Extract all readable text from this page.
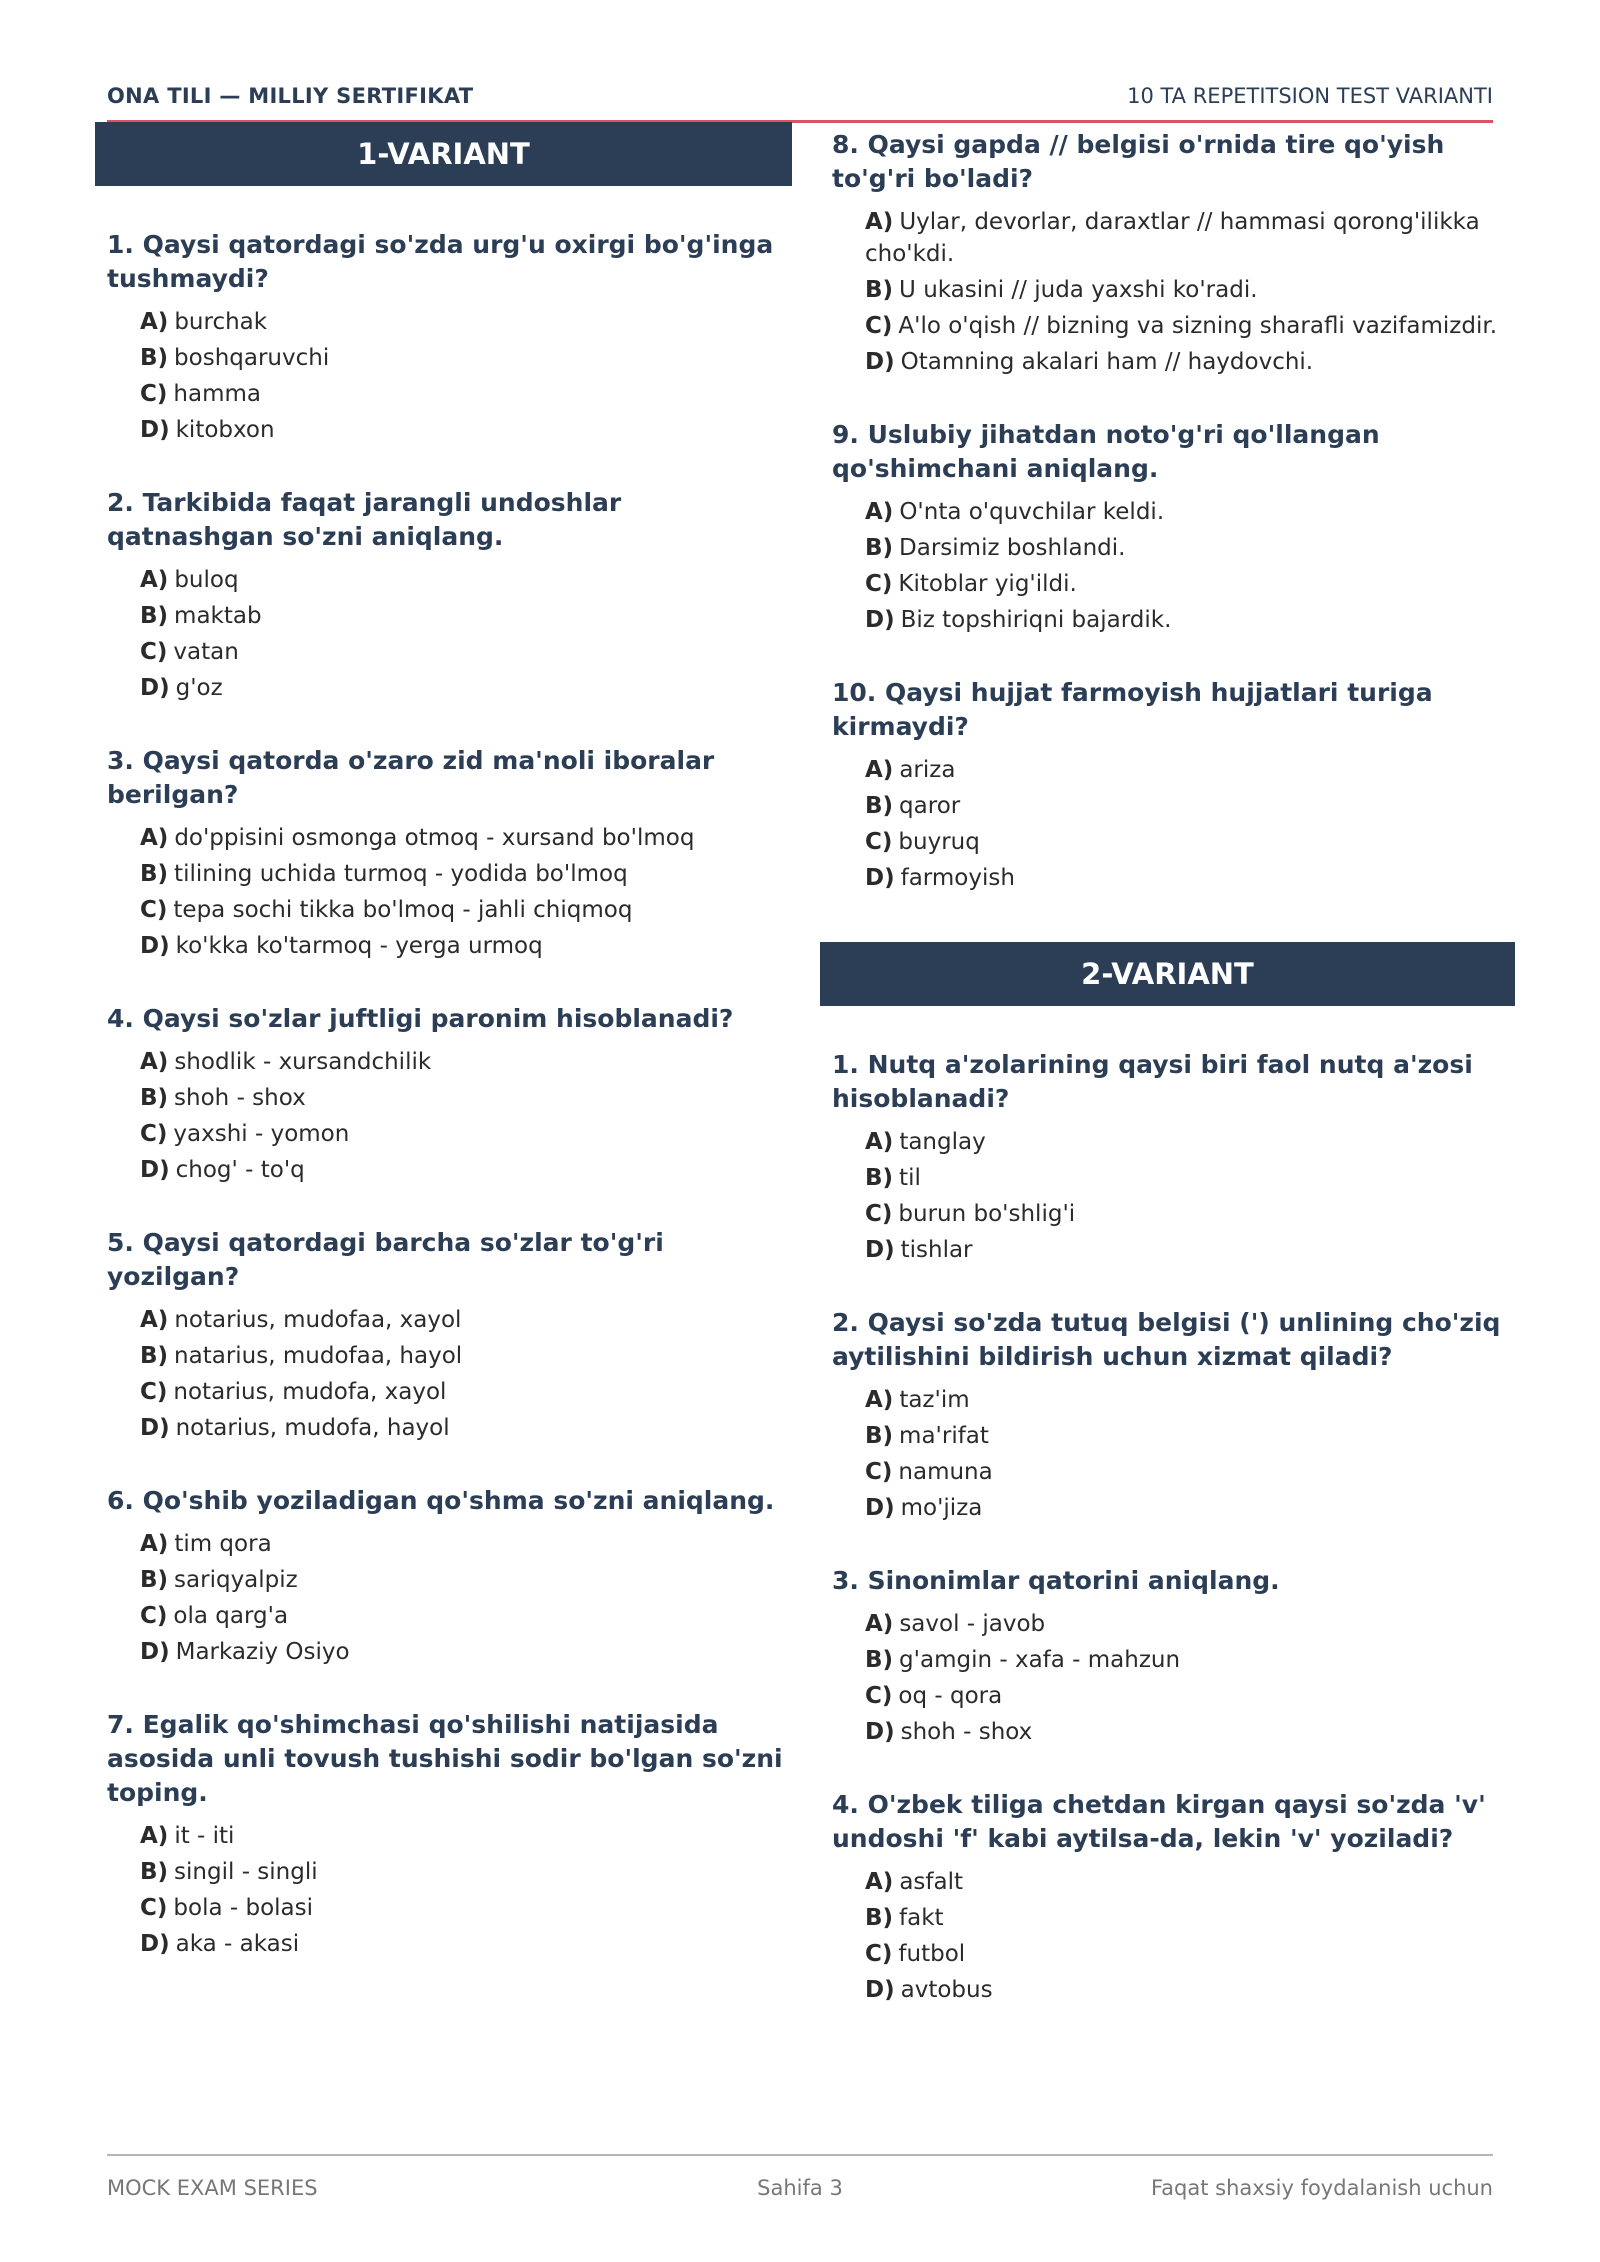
ONA TILI — MILLIY SERTIFIKAT	10 TA REPETITSION TEST VARIANTI
1-VARIANT
1. Qaysi qatordagi so'zda urg'u oxirgi bo'g'inga tushmaydi?
A) burchak
B) boshqaruvchi
C) hamma
D) kitobxon
2. Tarkibida faqat jarangli undoshlar qatnashgan so'zni aniqlang.
A) buloq
B) maktab
C) vatan
D) g'oz
3. Qaysi qatorda o'zaro zid ma'noli iboralar berilgan?
A) do'ppisini osmonga otmoq - xursand bo'lmoq
B) tilining uchida turmoq - yodida bo'lmoq
C) tepa sochi tikka bo'lmoq - jahli chiqmoq
D) ko'kka ko'tarmoq - yerga urmoq
4. Qaysi so'zlar juftligi paronim hisoblanadi?
A) shodlik - xursandchilik
B) shoh - shox
C) yaxshi - yomon
D) chog' - to'q
5. Qaysi qatordagi barcha so'zlar to'g'ri yozilgan?
A) notarius, mudofaa, xayol
B) natarius, mudofaa, hayol
C) notarius, mudofa, xayol
D) notarius, mudofa, hayol
6. Qo'shib yoziladigan qo'shma so'zni aniqlang.
A) tim qora
B) sariqyalpiz
C) ola qarg'a
D) Markaziy Osiyo
7. Egalik qo'shimchasi qo'shilishi natijasida asosida unli tovush tushishi sodir bo'lgan so'zni toping.
A) it - iti
B) singil - singli
C) bola - bolasi
D) aka - akasi
8. Qaysi gapda // belgisi o'rnida tire qo'yish to'g'ri bo'ladi?
A) Uylar, devorlar, daraxtlar // hammasi qorong'ilikka cho'kdi.
B) U ukasini // juda yaxshi ko'radi.
C) A'lo o'qish // bizning va sizning sharafli vazifamizdir.
D) Otamning akalari ham // haydovchi.
9. Uslubiy jihatdan noto'g'ri qo'llangan qo'shimchani aniqlang.
A) O'nta o'quvchilar keldi.
B) Darsimiz boshlandi.
C) Kitoblar yig'ildi.
D) Biz topshiriqni bajardik.
10. Qaysi hujjat farmoyish hujjatlari turiga kirmaydi?
A) ariza
B) qaror
C) buyruq
D) farmoyish
2-VARIANT
1. Nutq a'zolarining qaysi biri faol nutq a'zosi hisoblanadi?
A) tanglay
B) til
C) burun bo'shlig'i
D) tishlar
2. Qaysi so'zda tutuq belgisi (') unlining cho'ziq aytilishini bildirish uchun xizmat qiladi?
A) taz'im
B) ma'rifat
C) namuna
D) mo'jiza
3. Sinonimlar qatorini aniqlang.
A) savol - javob
B) g'amgin - xafa - mahzun
C) oq - qora
D) shoh - shox
4. O'zbek tiliga chetdan kirgan qaysi so'zda 'v' undoshi 'f' kabi aytilsa-da, lekin 'v' yoziladi?
A) asfalt
B) fakt
C) futbol
D) avtobus
MOCK EXAM SERIES	Sahifa 3	Faqat shaxsiy foydalanish uchun
